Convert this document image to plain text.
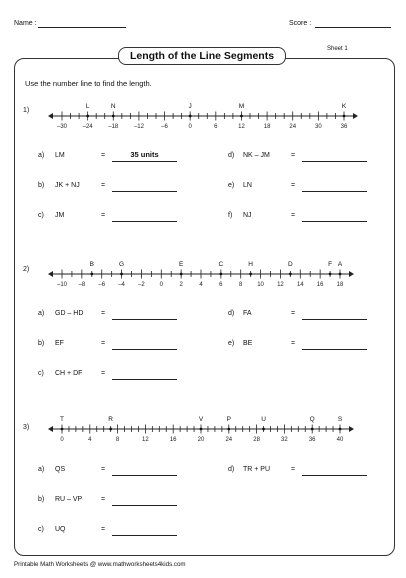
Name :	Score :
Length of the Line Segments
Sheet 1
Use the number line to find the length.
1)
–30	–24	–18	–12	–6	0	6	12	18	24	30	36
L	N	J	M	K
2)
–10 –8 –6 –4 –2 0	2	4	6	8 10 12 14 16 18
B	G	E	C	H	D	F A
3)
0	4	8	12	16	20	24	28	32	36	40
T	R	V	P	U	Q	S
a) LM	=	35 units
b) JK + NJ	=
c) JM	=
d) NK – JM	=
e) LN	=
f) NJ	=
a) GD – HD	=
b) EF	=
c) CH + DF	=
d) FA	=
e) BE	=
a) QS	=
b) RU – VP	=
c) UQ	=
d) TR + PU	=
Printable Math Worksheets @ www.mathworksheets4kids.com
